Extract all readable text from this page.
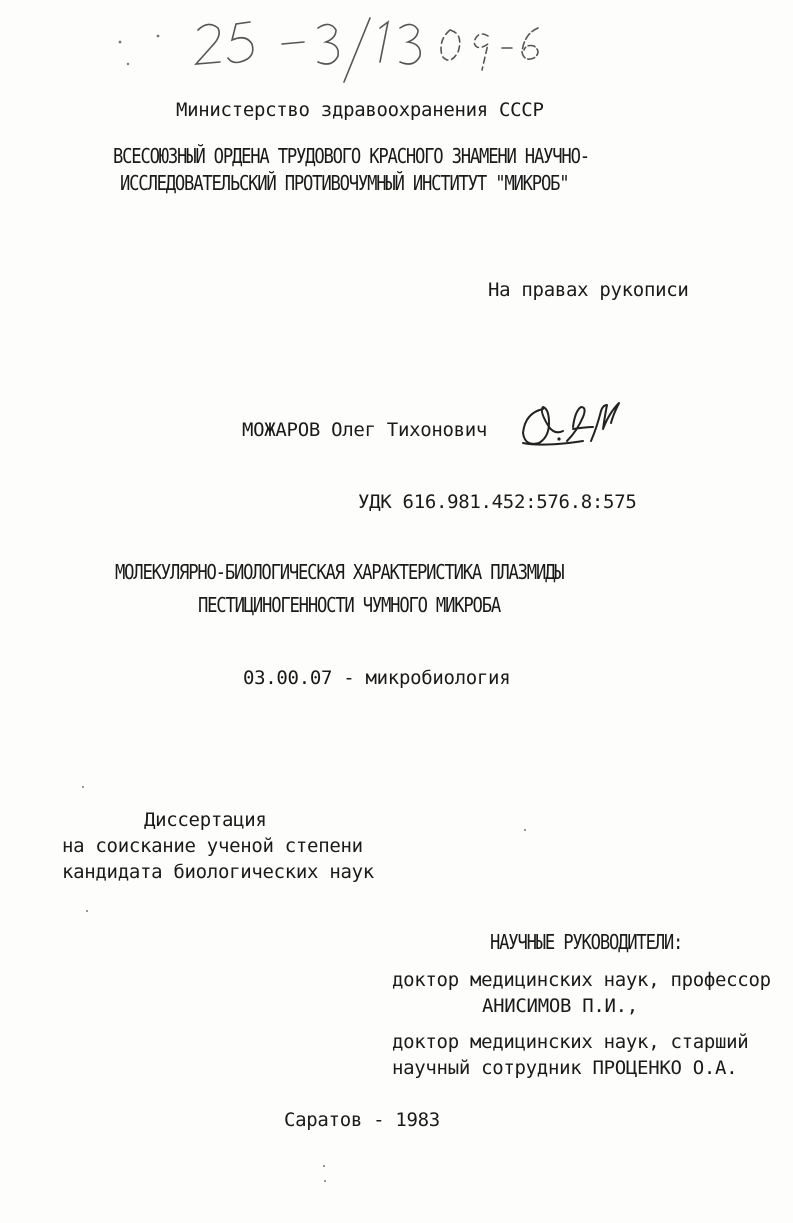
Министерство здравоохранения СССР
ВСЕСОЮЗНЫЙ ОРДЕНА ТРУДОВОГО КРАСНОГО ЗНАМЕНИ НАУЧНО-
ИССЛЕДОВАТЕЛЬСКИЙ ПРОТИВОЧУМНЫЙ ИНСТИТУТ "МИКРОБ"
На правах рукописи
МОЖАРОВ Олег Тихонович
УДК 616.981.452:576.8:575
МОЛЕКУЛЯРНО-БИОЛОГИЧЕСКАЯ ХАРАКТЕРИСТИКА ПЛАЗМИДЫ
ПЕСТИЦИНОГЕННОСТИ ЧУМНОГО МИКРОБА
03.00.07 - микробиология
Диссертация
на соискание ученой степени
кандидата биологических наук
НАУЧНЫЕ РУКОВОДИТЕЛИ:
доктор медицинских наук, профессор
АНИСИМОВ П.И.,
доктор медицинских наук, старший
научный сотрудник ПРОЦЕНКО О.А.
Саратов - 1983
